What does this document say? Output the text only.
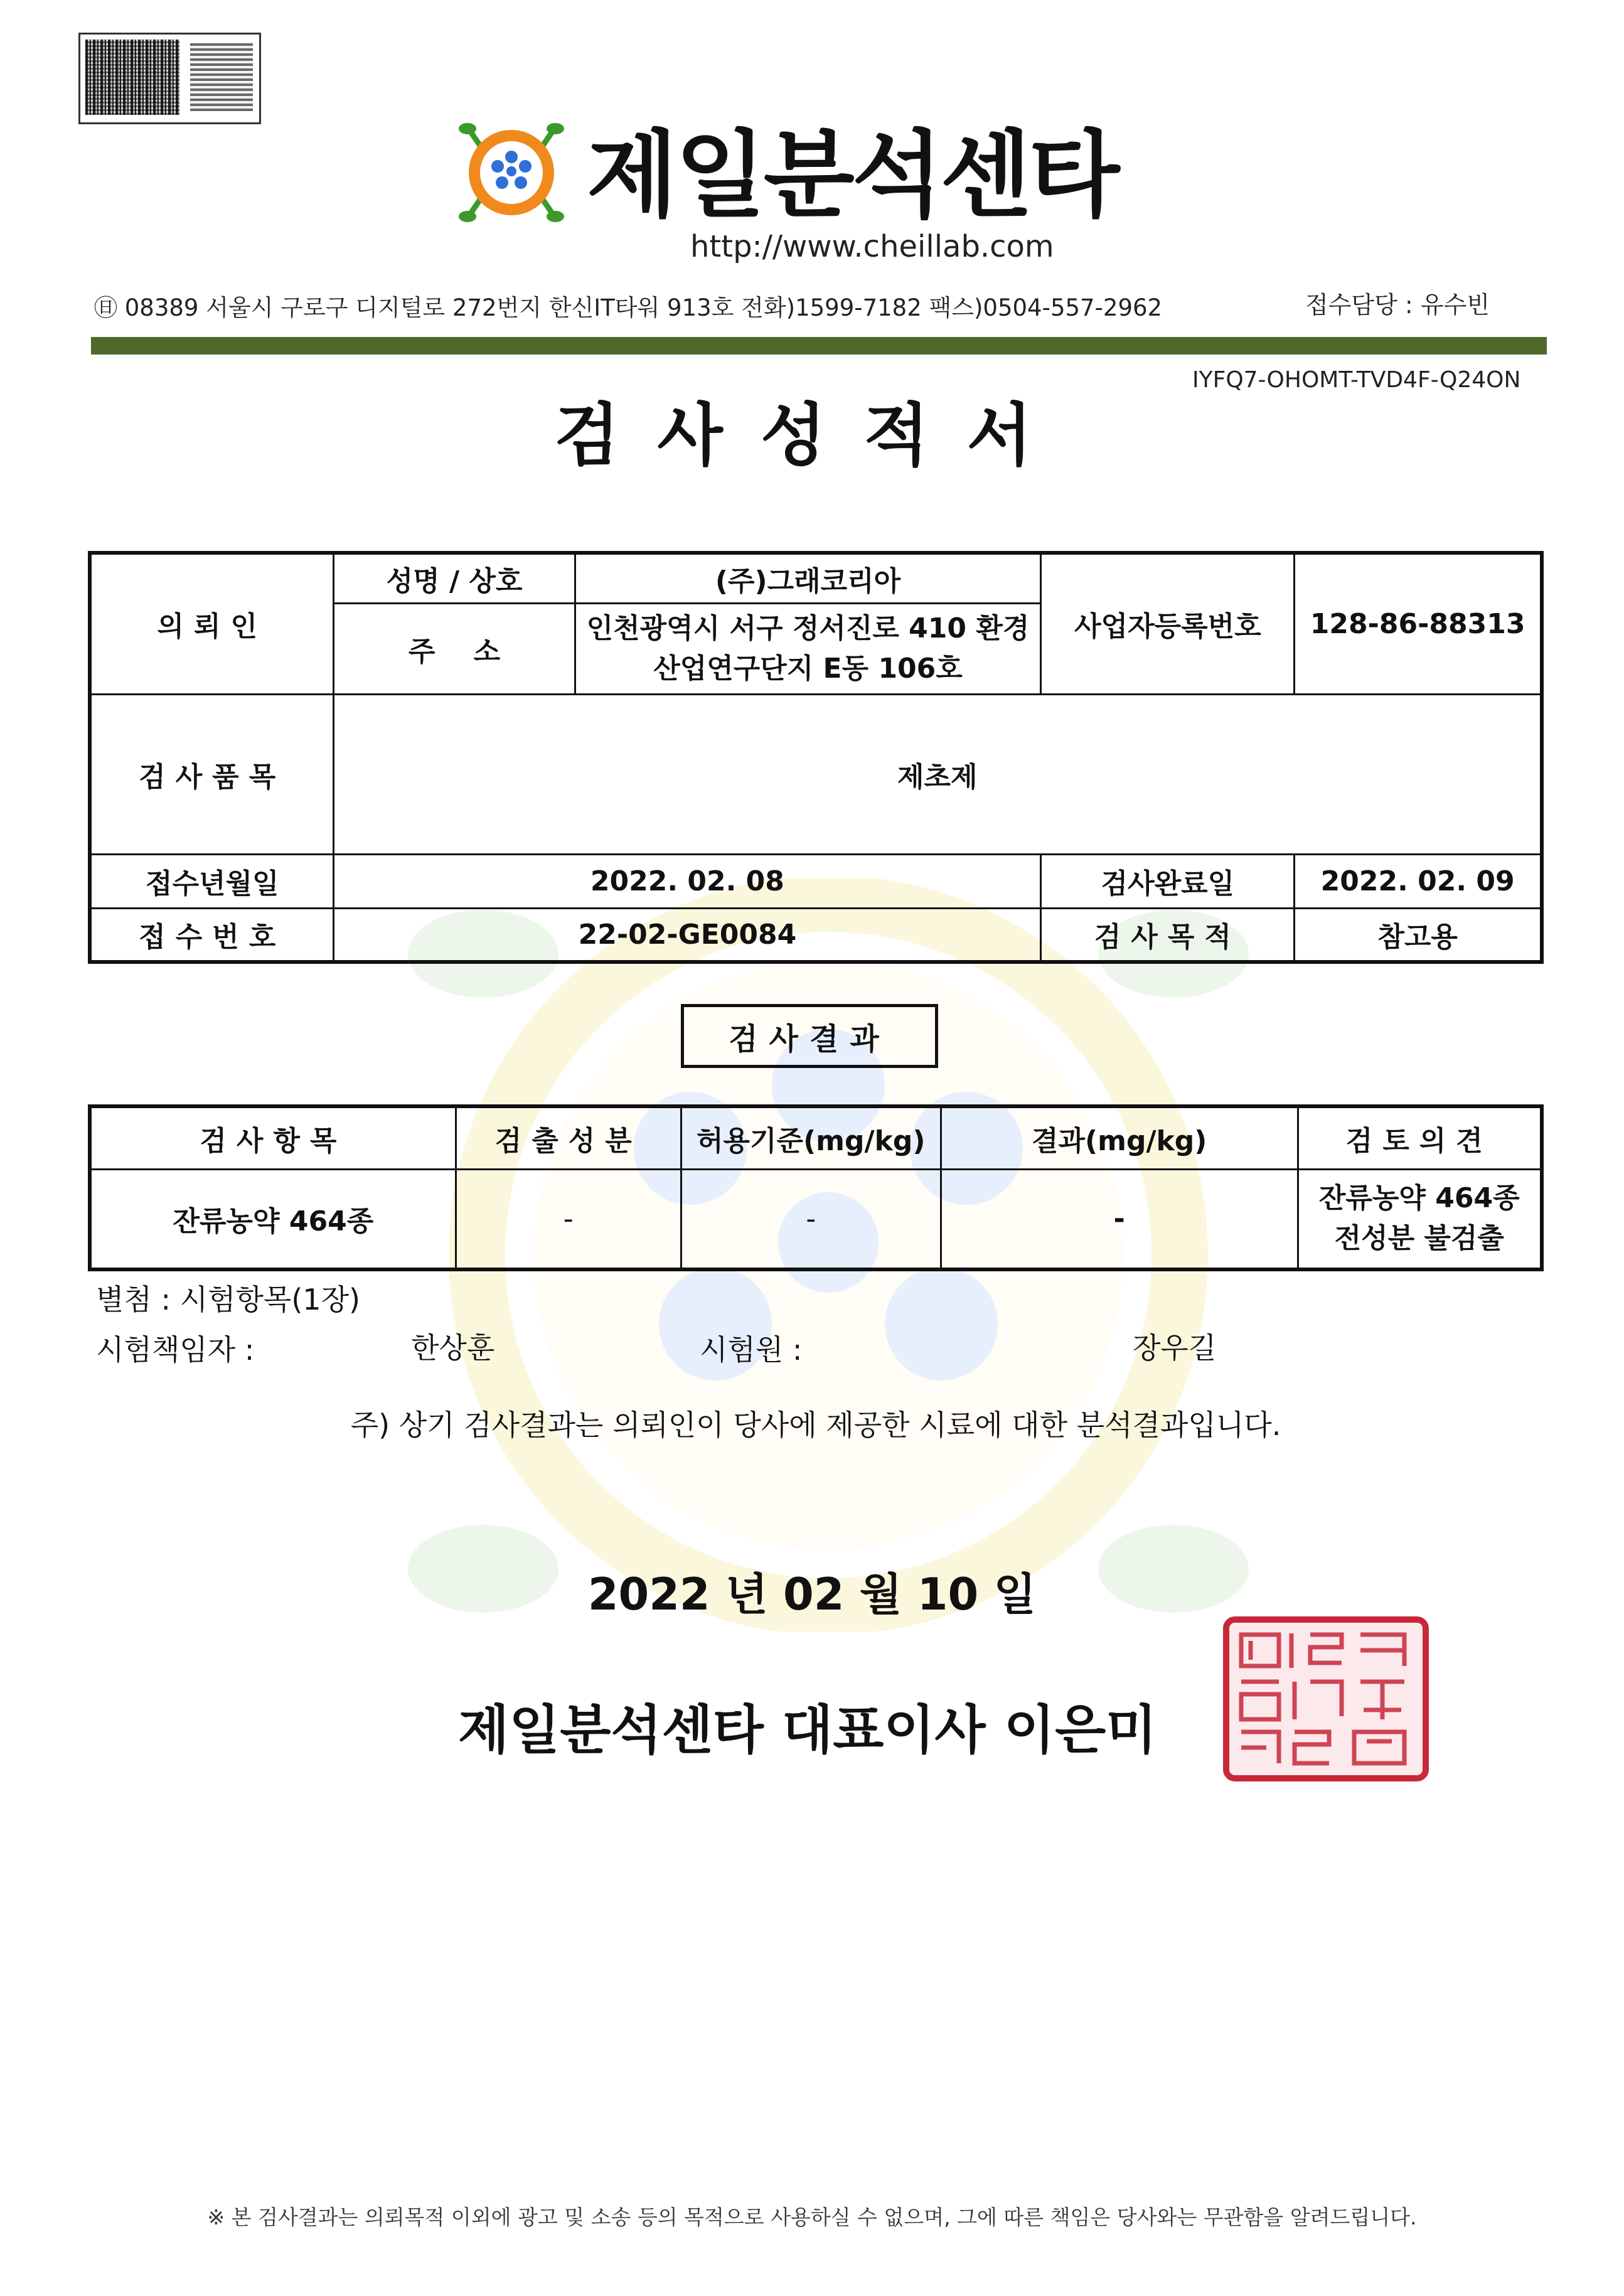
제일분석센타
http://www.cheillab.com
㊐ 08389 서울시 구로구 디지털로 272번지 한신IT타워 913호 전화)1599-7182 팩스)0504-557-2962	접수담당 : 유수빈
IYFQ7-OHOMT-TVD4F-Q24ON
검사성적서
의뢰인	성명 / 상호	(주)그래코리아	사업자등록번호	128-86-88313
	주    소	인천광역시 서구 정서진로 410 환경
산업연구단지 E동 106호		

검사품목	제초제			
접수년월일	2022. 02. 08		검사완료일	2022. 02. 09
접수번호	22-02-GE0084		검사목적	참고용
검사결과
검사항목	검출성분	허용기준(mg/kg)	결과(mg/kg)	검토의견
잔류농약 464종	-	-	-	잔류농약 464종
전성분 불검출
별첨 : 시험항목(1장)
시험책임자 :	한상훈	시험원 :	장우길
주) 상기 검사결과는 의뢰인이 당사에 제공한 시료에 대한 분석결과입니다.
2022 년 02 월 10 일
제일분석센타 대표이사 이은미
※ 본 검사결과는 의뢰목적 이외에 광고 및 소송 등의 목적으로 사용하실 수 없으며, 그에 따른 책임은 당사와는 무관함을 알려드립니다.
